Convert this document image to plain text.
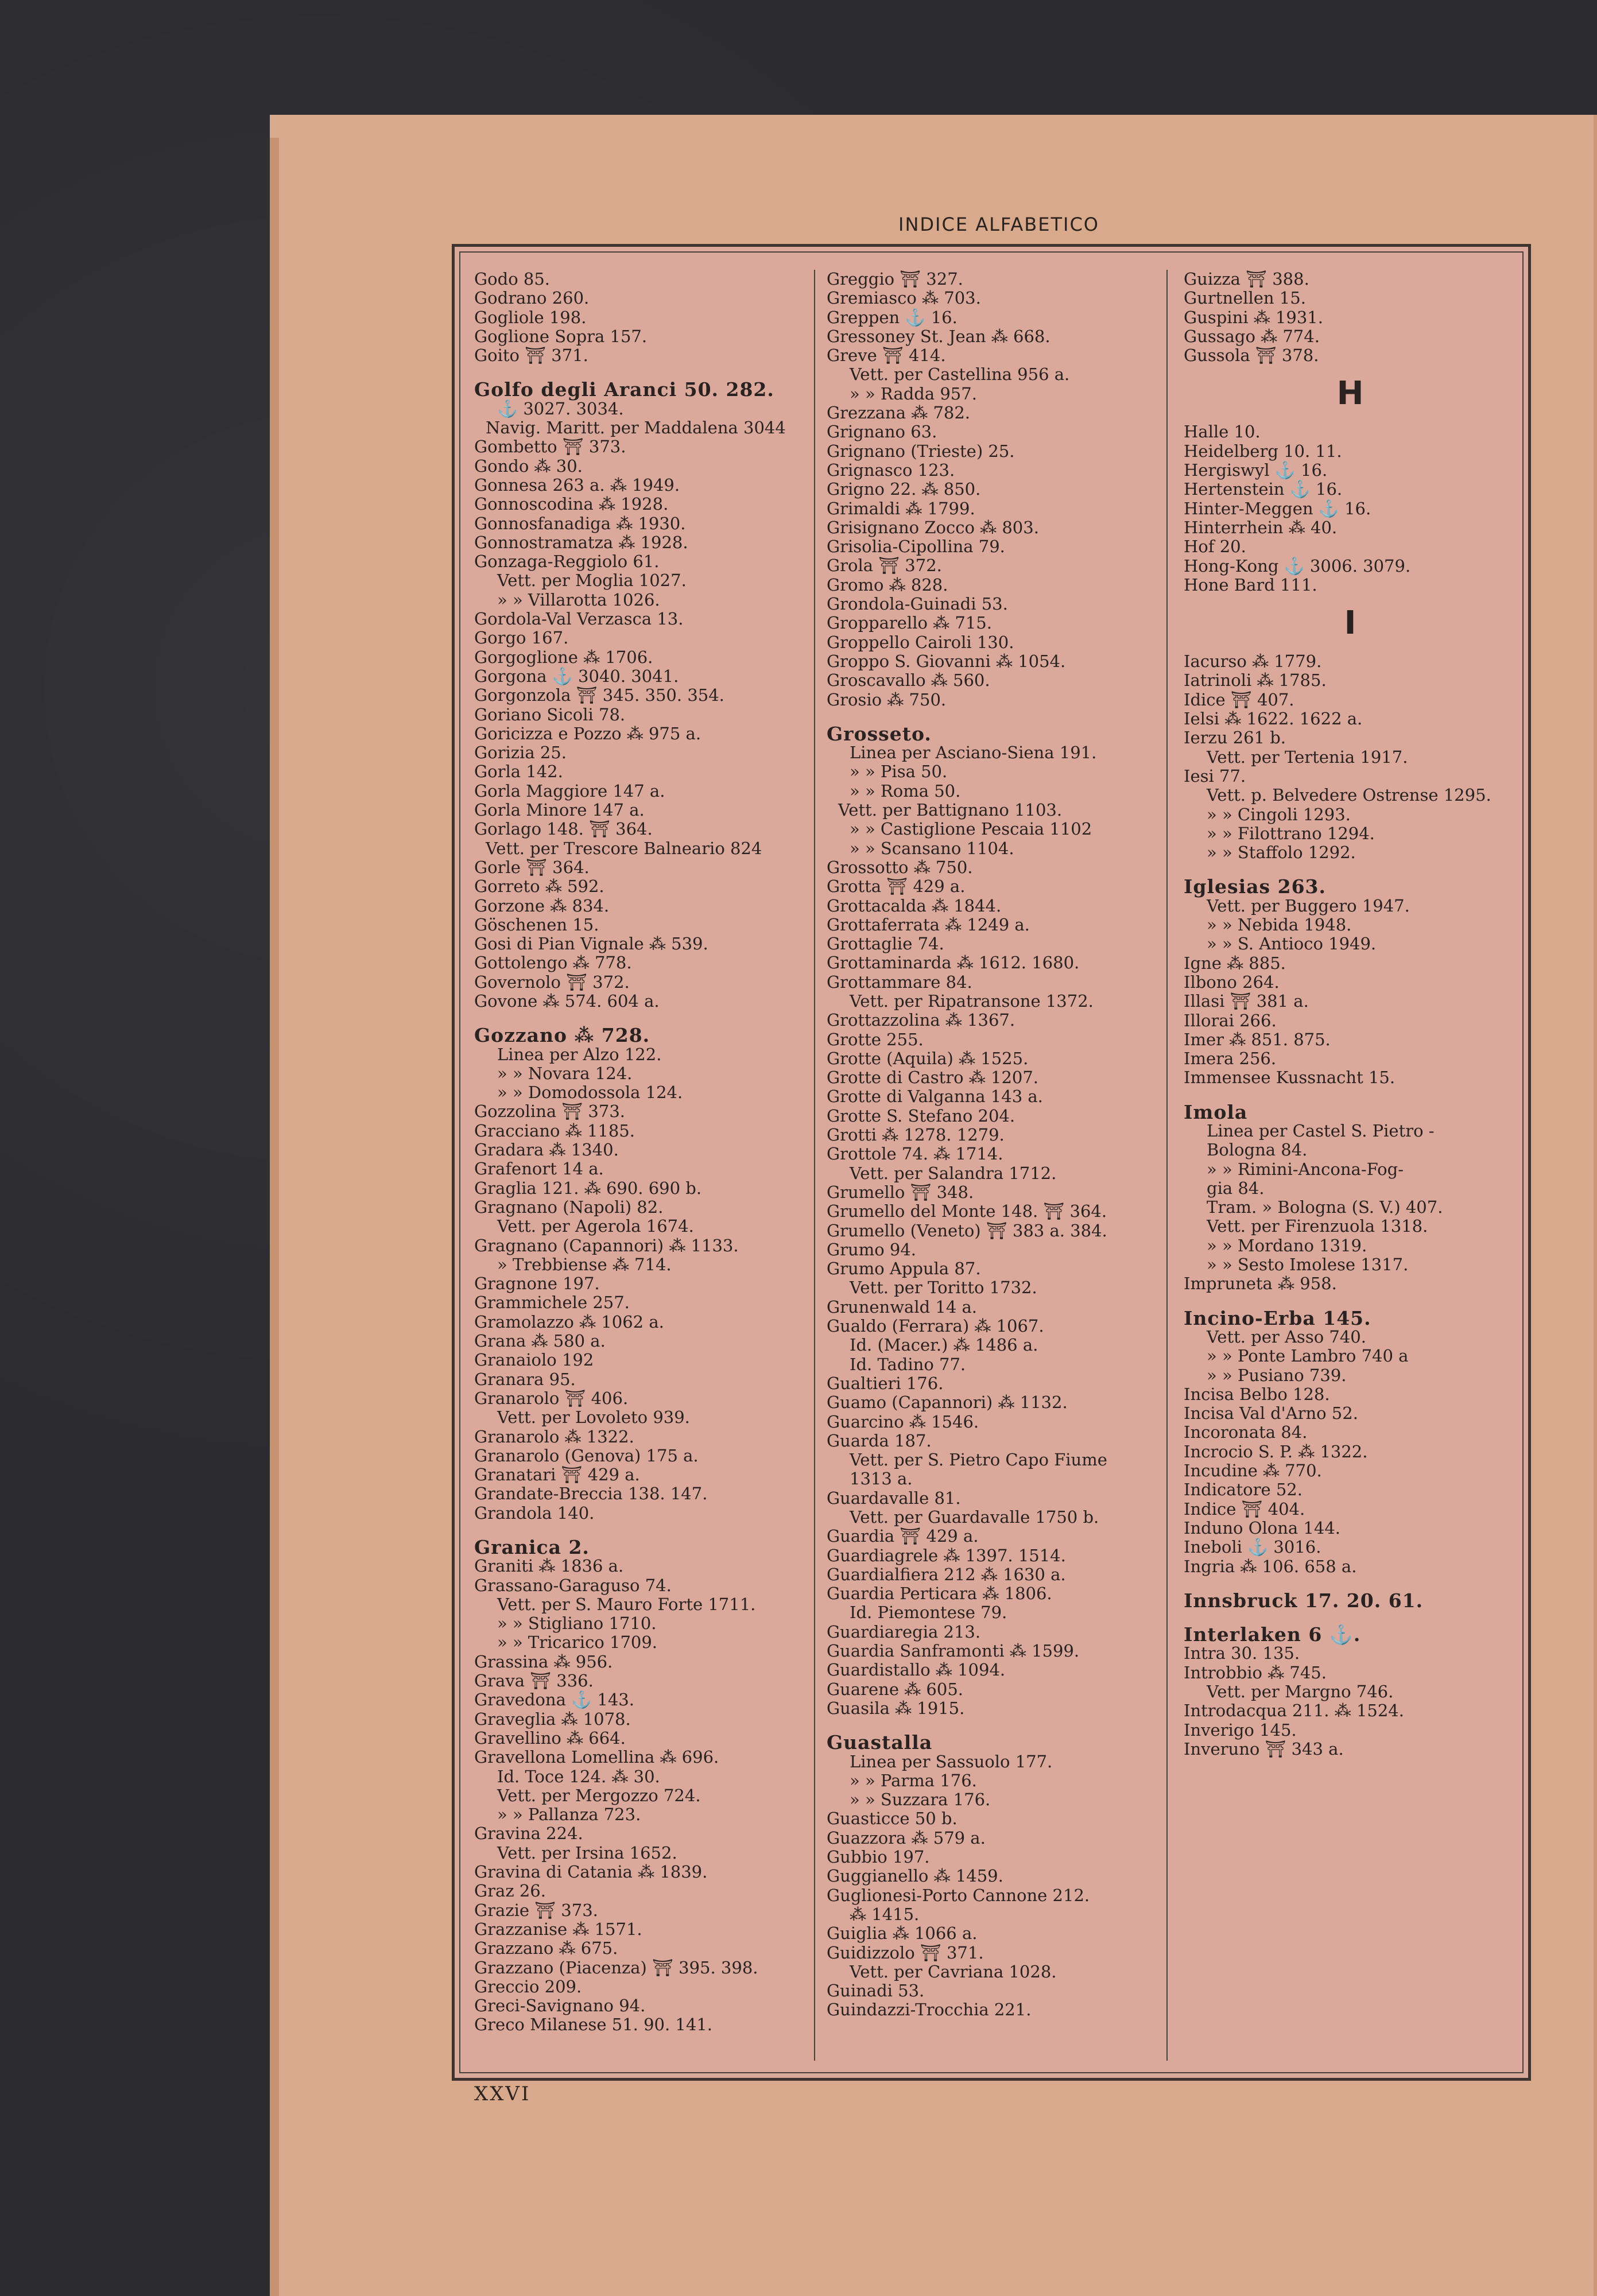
INDICE ALFABETICO
Godo 85.
Godrano 260.
Gogliole 198.
Goglione Sopra 157.
Goito ⛩ 371.
Golfo degli Aranci 50. 282.
⚓ 3027. 3034.
Navig. Maritt. per Maddalena 3044
Gombetto ⛩ 373.
Gondo ⁂ 30.
Gonnesa 263 a. ⁂ 1949.
Gonnoscodina ⁂ 1928.
Gonnosfanadiga ⁂ 1930.
Gonnostramatza ⁂ 1928.
Gonzaga-Reggiolo 61.
Vett. per Moglia 1027.
» » Villarotta 1026.
Gordola-Val Verzasca 13.
Gorgo 167.
Gorgoglione ⁂ 1706.
Gorgona ⚓ 3040. 3041.
Gorgonzola ⛩ 345. 350. 354.
Goriano Sicoli 78.
Goricizza e Pozzo ⁂ 975 a.
Gorizia 25.
Gorla 142.
Gorla Maggiore 147 a.
Gorla Minore 147 a.
Gorlago 148. ⛩ 364.
Vett. per Trescore Balneario 824
Gorle ⛩ 364.
Gorreto ⁂ 592.
Gorzone ⁂ 834.
Göschenen 15.
Gosi di Pian Vignale ⁂ 539.
Gottolengo ⁂ 778.
Governolo ⛩ 372.
Govone ⁂ 574. 604 a.
Gozzano ⁂ 728.
Linea per Alzo 122.
» » Novara 124.
» » Domodossola 124.
Gozzolina ⛩ 373.
Gracciano ⁂ 1185.
Gradara ⁂ 1340.
Grafenort 14 a.
Graglia 121. ⁂ 690. 690 b.
Gragnano (Napoli) 82.
Vett. per Agerola 1674.
Gragnano (Capannori) ⁂ 1133.
» Trebbiense ⁂ 714.
Gragnone 197.
Grammichele 257.
Gramolazzo ⁂ 1062 a.
Grana ⁂ 580 a.
Granaiolo 192
Granara 95.
Granarolo ⛩ 406.
Vett. per Lovoleto 939.
Granarolo ⁂ 1322.
Granarolo (Genova) 175 a.
Granatari ⛩ 429 a.
Grandate-Breccia 138. 147.
Grandola 140.
Granica 2.
Graniti ⁂ 1836 a.
Grassano-Garaguso 74.
Vett. per S. Mauro Forte 1711.
» » Stigliano 1710.
» » Tricarico 1709.
Grassina ⁂ 956.
Grava ⛩ 336.
Gravedona ⚓ 143.
Graveglia ⁂ 1078.
Gravellino ⁂ 664.
Gravellona Lomellina ⁂ 696.
Id. Toce 124. ⁂ 30.
Vett. per Mergozzo 724.
» » Pallanza 723.
Gravina 224.
Vett. per Irsina 1652.
Gravina di Catania ⁂ 1839.
Graz 26.
Grazie ⛩ 373.
Grazzanise ⁂ 1571.
Grazzano ⁂ 675.
Grazzano (Piacenza) ⛩ 395. 398.
Greccio 209.
Greci-Savignano 94.
Greco Milanese 51. 90. 141.
Greggio ⛩ 327.
Gremiasco ⁂ 703.
Greppen ⚓ 16.
Gressoney St. Jean ⁂ 668.
Greve ⛩ 414.
Vett. per Castellina 956 a.
» » Radda 957.
Grezzana ⁂ 782.
Grignano 63.
Grignano (Trieste) 25.
Grignasco 123.
Grigno 22. ⁂ 850.
Grimaldi ⁂ 1799.
Grisignano Zocco ⁂ 803.
Grisolia-Cipollina 79.
Grola ⛩ 372.
Gromo ⁂ 828.
Grondola-Guinadi 53.
Gropparello ⁂ 715.
Groppello Cairoli 130.
Groppo S. Giovanni ⁂ 1054.
Groscavallo ⁂ 560.
Grosio ⁂ 750.
Grosseto.
Linea per Asciano-Siena 191.
» » Pisa 50.
» » Roma 50.
Vett. per Battignano 1103.
» » Castiglione Pescaia 1102
» » Scansano 1104.
Grossotto ⁂ 750.
Grotta ⛩ 429 a.
Grottacalda ⁂ 1844.
Grottaferrata ⁂ 1249 a.
Grottaglie 74.
Grottaminarda ⁂ 1612. 1680.
Grottammare 84.
Vett. per Ripatransone 1372.
Grottazzolina ⁂ 1367.
Grotte 255.
Grotte (Aquila) ⁂ 1525.
Grotte di Castro ⁂ 1207.
Grotte di Valganna 143 a.
Grotte S. Stefano 204.
Grotti ⁂ 1278. 1279.
Grottole 74. ⁂ 1714.
Vett. per Salandra 1712.
Grumello ⛩ 348.
Grumello del Monte 148. ⛩ 364.
Grumello (Veneto) ⛩ 383 a. 384.
Grumo 94.
Grumo Appula 87.
Vett. per Toritto 1732.
Grunenwald 14 a.
Gualdo (Ferrara) ⁂ 1067.
Id. (Macer.) ⁂ 1486 a.
Id. Tadino 77.
Gualtieri 176.
Guamo (Capannori) ⁂ 1132.
Guarcino ⁂ 1546.
Guarda 187.
Vett. per S. Pietro Capo Fiume
1313 a.
Guardavalle 81.
Vett. per Guardavalle 1750 b.
Guardia ⛩ 429 a.
Guardiagrele ⁂ 1397. 1514.
Guardialfiera 212 ⁂ 1630 a.
Guardia Perticara ⁂ 1806.
Id. Piemontese 79.
Guardiaregia 213.
Guardia Sanframonti ⁂ 1599.
Guardistallo ⁂ 1094.
Guarene ⁂ 605.
Guasila ⁂ 1915.
Guastalla
Linea per Sassuolo 177.
» » Parma 176.
» » Suzzara 176.
Guasticce 50 b.
Guazzora ⁂ 579 a.
Gubbio 197.
Guggianello ⁂ 1459.
Guglionesi-Porto Cannone 212.
⁂ 1415.
Guiglia ⁂ 1066 a.
Guidizzolo ⛩ 371.
Vett. per Cavriana 1028.
Guinadi 53.
Guindazzi-Trocchia 221.
Guizza ⛩ 388.
Gurtnellen 15.
Guspini ⁂ 1931.
Gussago ⁂ 774.
Gussola ⛩ 378.
H
Halle 10.
Heidelberg 10. 11.
Hergiswyl ⚓ 16.
Hertenstein ⚓ 16.
Hinter-Meggen ⚓ 16.
Hinterrhein ⁂ 40.
Hof 20.
Hong-Kong ⚓ 3006. 3079.
Hone Bard 111.
I
Iacurso ⁂ 1779.
Iatrinoli ⁂ 1785.
Idice ⛩ 407.
Ielsi ⁂ 1622. 1622 a.
Ierzu 261 b.
Vett. per Tertenia 1917.
Iesi 77.
Vett. p. Belvedere Ostrense 1295.
» » Cingoli 1293.
» » Filottrano 1294.
» » Staffolo 1292.
Iglesias 263.
Vett. per Buggero 1947.
» » Nebida 1948.
» » S. Antioco 1949.
Igne ⁂ 885.
Ilbono 264.
Illasi ⛩ 381 a.
Illorai 266.
Imer ⁂ 851. 875.
Imera 256.
Immensee Kussnacht 15.
Imola
Linea per Castel S. Pietro -
Bologna 84.
» » Rimini-Ancona-Fog-
gia 84.
Tram. » Bologna (S. V.) 407.
Vett. per Firenzuola 1318.
» » Mordano 1319.
» » Sesto Imolese 1317.
Impruneta ⁂ 958.
Incino-Erba 145.
Vett. per Asso 740.
» » Ponte Lambro 740 a
» » Pusiano 739.
Incisa Belbo 128.
Incisa Val d'Arno 52.
Incoronata 84.
Incrocio S. P. ⁂ 1322.
Incudine ⁂ 770.
Indicatore 52.
Indice ⛩ 404.
Induno Olona 144.
Ineboli ⚓ 3016.
Ingria ⁂ 106. 658 a.
Innsbruck 17. 20. 61.
Interlaken 6 ⚓.
Intra 30. 135.
Introbbio ⁂ 745.
Vett. per Margno 746.
Introdacqua 211. ⁂ 1524.
Inverigo 145.
Inveruno ⛩ 343 a.
XXVI
